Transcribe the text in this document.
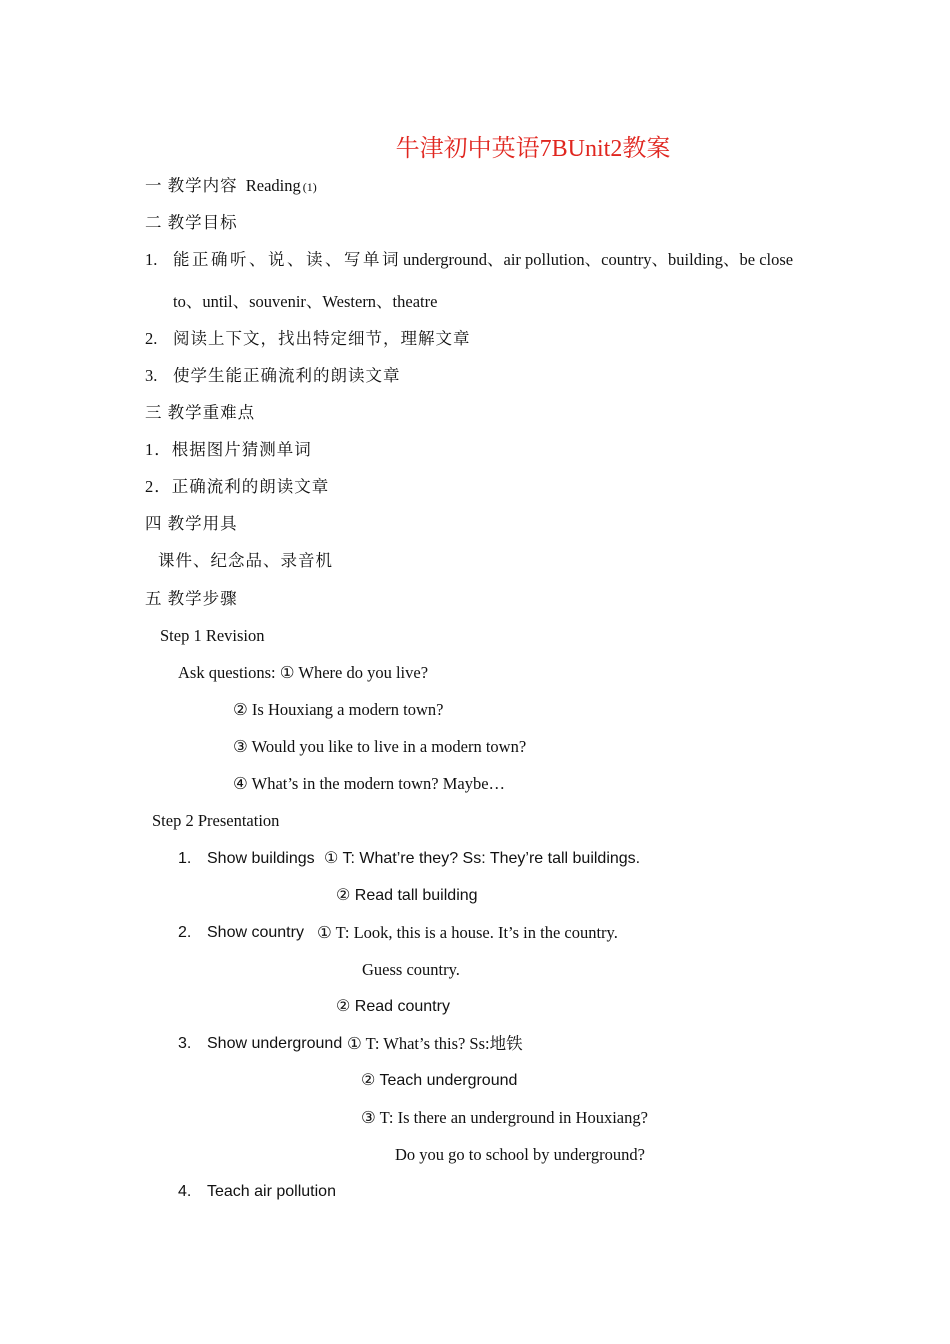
牛津初中英语7BUnit2教案
一 教学内容 Reading (1)
二 教学目标
1. 能正确听、说、读、写单词 underground、air pollution、country、building、be close
to、until、souvenir、Western、theatre
2. 阅读上下文，找出特定细节，理解文章
3. 使学生能正确流利的朗读文章
三 教学重难点
1．根据图片猜测单词
2．正确流利的朗读文章
四 教学用具
课件、纪念品、录音机
五 教学步骤
Step 1 Revision
Ask questions: ① Where do you live?
② Is Houxiang a modern town?
③ Would you like to live in a modern town?
④ What’s in the modern town? Maybe…
Step 2 Presentation
1. Show buildings ① T: What’re they? Ss: They’re tall buildings.
② Read tall building
2. Show country ① T: Look, this is a house. It’s in the country.
Guess country.
② Read country
3. Show underground ① T: What’s this? Ss:地铁
② Teach underground
③ T: Is there an underground in Houxiang?
Do you go to school by underground?
4. Teach air pollution
